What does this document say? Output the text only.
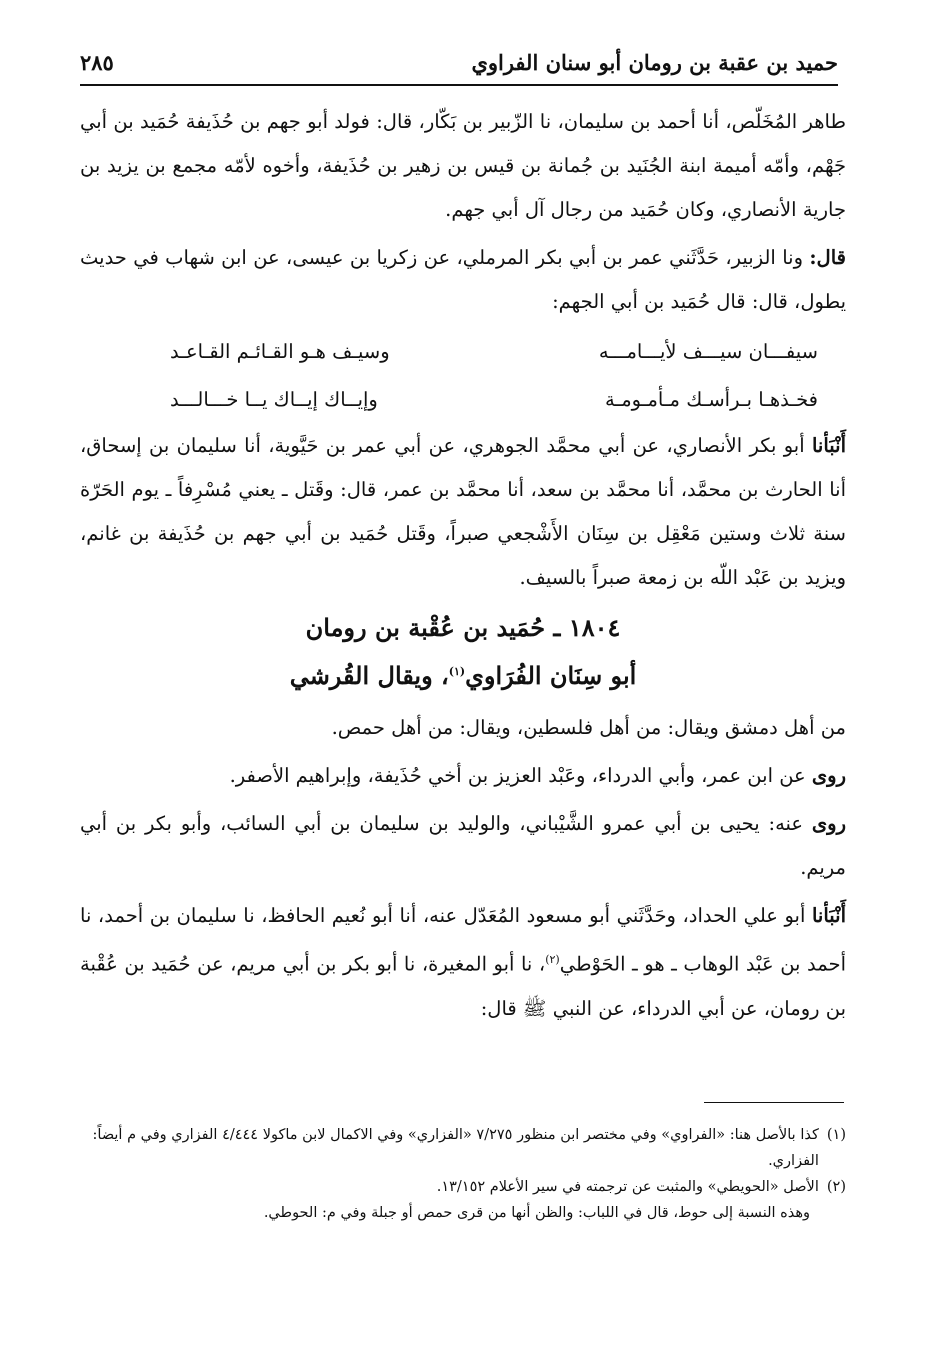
حميد بن عقبة بن رومان أبو سنان الفراوي
٢٨٥

طاهر المُخَلّص، أنا أحمد بن سليمان، نا الزّبير بن بَكّار، قال: فولد أبو جهم بن حُذَيفة حُمَيد بن أبي جَهْم، وأمّه أميمة ابنة الجُنَيد بن جُمانة بن قيس بن زهير بن حُذَيفة، وأخوه لأمّه مجمع بن يزيد بن جارية الأنصاري، وكان حُمَيد من رجال آل أبي جهم.

قال: ونا الزبير، حَدَّثَني عمر بن أبي بكر المرملي، عن زكريا بن عيسى، عن ابن شهاب في حديث يطول، قال: قال حُمَيد بن أبي الجهم:

سيفـــان سيـــف لأيـــامـــه
وسيـف هـو القـائـم القـاعـد
فخـذهـا بـرأسـك مـأمـومـة
وإيــاك إيــاك يــا خـــالـــد

أَنْبَأنا أبو بكر الأنصاري، عن أبي محمَّد الجوهري، عن أبي عمر بن حَيَّوية، أنا سليمان بن إسحاق، أنا الحارث بن محمَّد، أنا محمَّد بن سعد، أنا محمَّد بن عمر، قال: وقَتل ـ يعني مُسْرِفاً ـ يوم الحَرّة سنة ثلاث وستين مَعْقِل بن سِنَان الأَشْجعي صبراً، وقَتل حُمَيد بن أبي جهم بن حُذَيفة بن غانم، ويزيد بن عَبْد اللّه بن زمعة صبراً بالسيف.

١٨٠٤ ـ حُمَيد بن عُقْبة بن رومان
أبو سِنَان الفُرَاوي$^{(١)}$، ويقال القُرشي

من أهل دمشق ويقال: من أهل فلسطين، ويقال: من أهل حمص.

روى عن ابن عمر، وأبي الدرداء، وعَبْد العزيز بن أخي حُذَيفة، وإبراهيم الأصفر.

روى عنه: يحيى بن أبي عمرو الشَّيْباني، والوليد بن سليمان بن أبي السائب، وأبو بكر بن أبي مريم.

أَنْبَأنا أبو علي الحداد، وحَدَّثَني أبو مسعود المُعَدّل عنه، أنا أبو نُعيم الحافظ، نا سليمان بن أحمد، نا أحمد بن عَبْد الوهاب ـ هو ـ الحَوْطي$^{(٢)}$، نا أبو المغيرة، نا أبو بكر بن أبي مريم، عن حُمَيد بن عُقْبة بن رومان، عن أبي الدرداء، عن النبي ﷺ قال:

(١)
كذا بالأصل هنا: «الفراوي» وفي مختصر ابن منظور ٧/٢٧٥ «الفزاري» وفي الاكمال لابن ماكولا ٤/٤٤٤ الفزاري وفي م أيضاً: الفزاري.
(٢)
الأصل «الحويطي» والمثبت عن ترجمته في سير الأعلام ١٣/١٥٢.
وهذه النسبة إلى حوط، قال في اللباب: والظن أنها من قرى حمص أو جبلة وفي م: الحوطي.
